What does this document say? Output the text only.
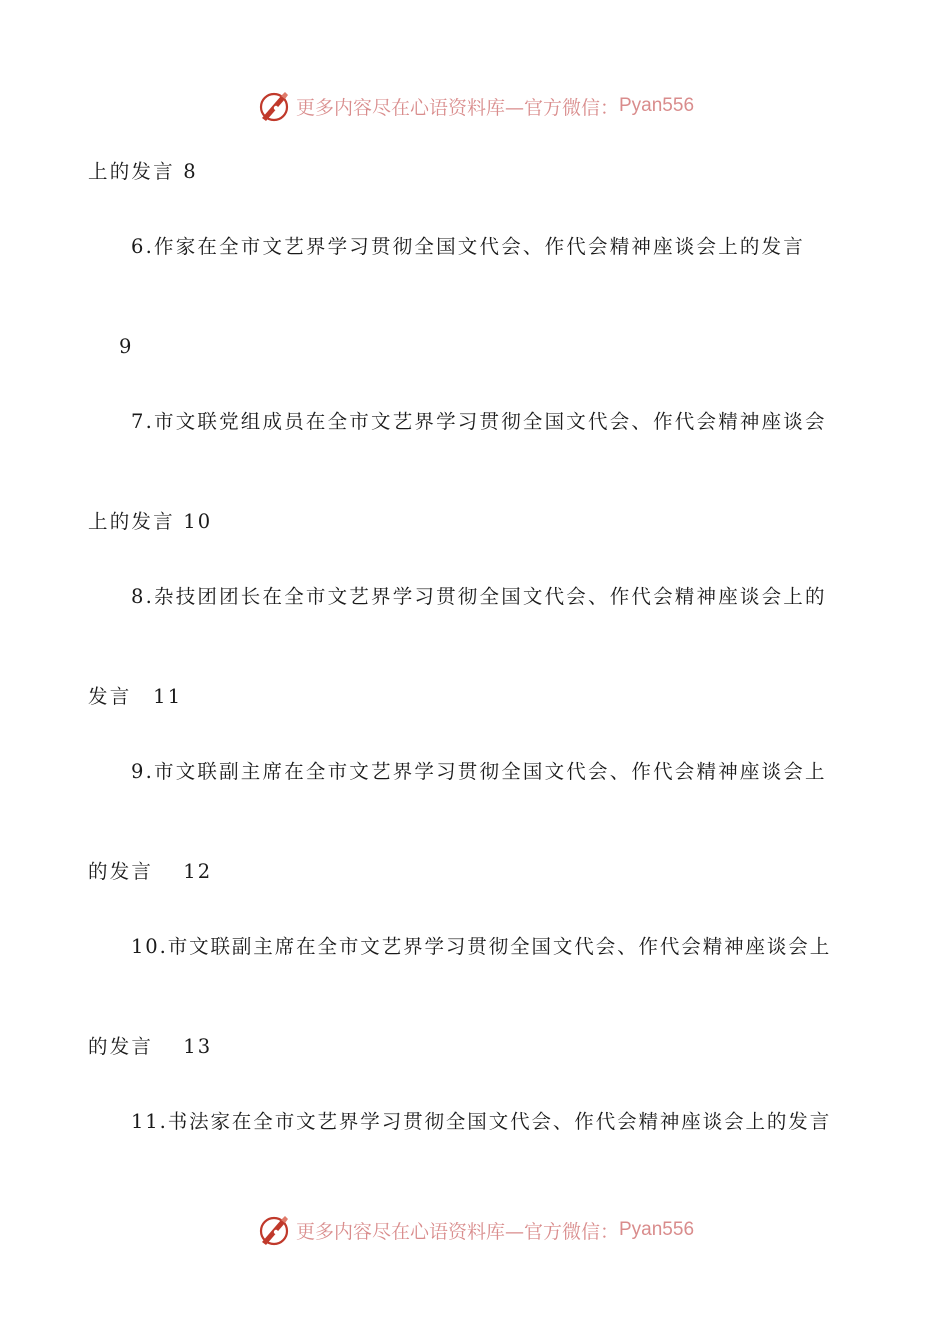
更多内容尽在心语资料库—官方微信： Pyan556
上的发言 8
6.作家在全市文艺界学习贯彻全国文代会、作代会精神座谈会上的发言
9
7.市文联党组成员在全市文艺界学习贯彻全国文代会、作代会精神座谈会
上的发言 10
8.杂技团团长在全市文艺界学习贯彻全国文代会、作代会精神座谈会上的
发言　11
9.市文联副主席在全市文艺界学习贯彻全国文代会、作代会精神座谈会上
的发言　 12
10.市文联副主席在全市文艺界学习贯彻全国文代会、作代会精神座谈会上
的发言　 13
11.书法家在全市文艺界学习贯彻全国文代会、作代会精神座谈会上的发言
更多内容尽在心语资料库—官方微信： Pyan556
